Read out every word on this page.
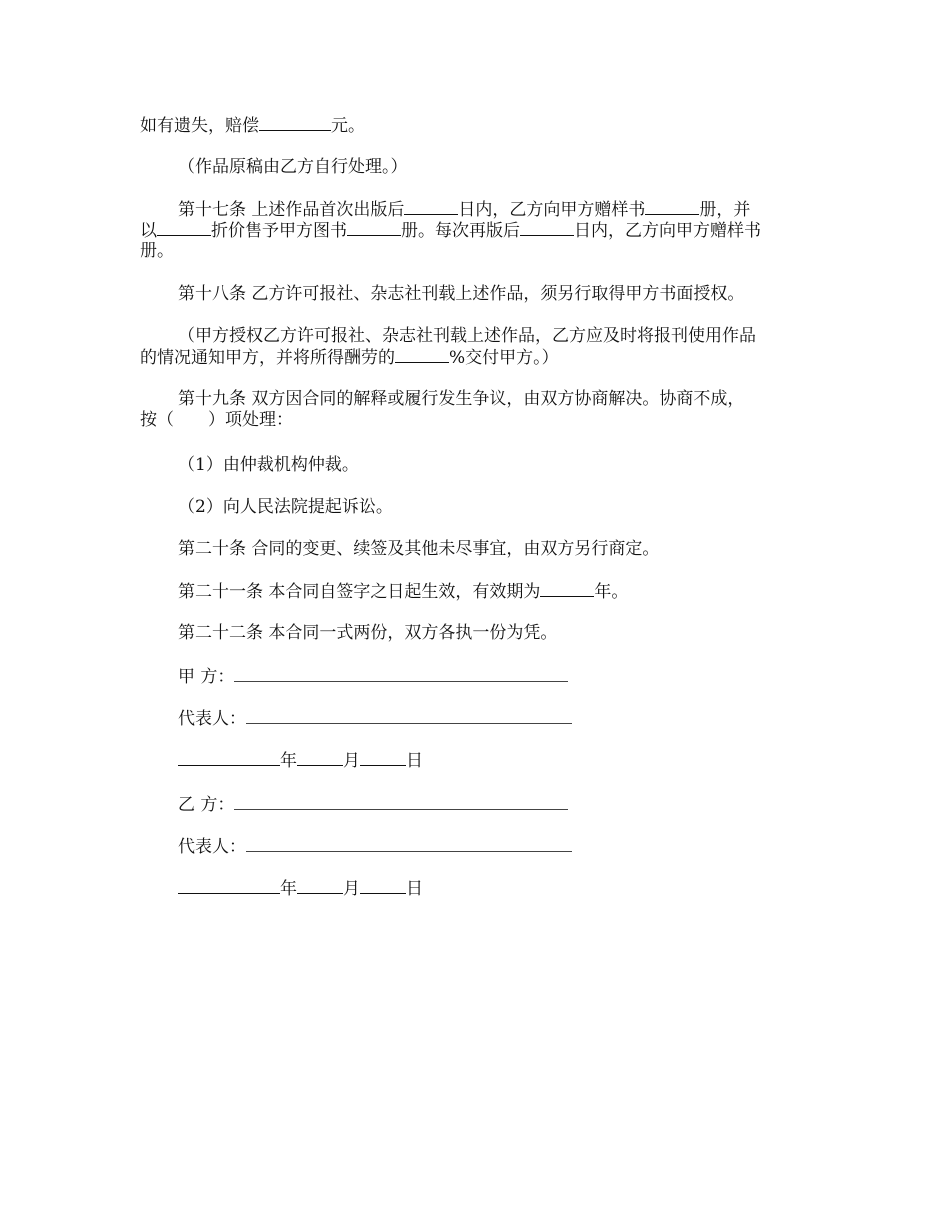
如有遗失，赔偿	元。
（作品原稿由乙方自行处理。）
第十七条 上述作品首次出版后	日内，乙方向甲方赠样书	册，并
以	折价售予甲方图书	册。每次再版后	日内，乙方向甲方赠样书
册。
第十八条 乙方许可报社、杂志社刊载上述作品，须另行取得甲方书面授权。
（甲方授权乙方许可报社、杂志社刊载上述作品，乙方应及时将报刊使用作品
的情况通知甲方，并将所得酬劳的	%交付甲方。）
第十九条 双方因合同的解释或履行发生争议，由双方协商解决。协商不成，
按（　　）项处理：
（1）由仲裁机构仲裁。
（2）向人民法院提起诉讼。
第二十条 合同的变更、续签及其他未尽事宜，由双方另行商定。
第二十一条 本合同自签字之日起生效，有效期为	年。
第二十二条 本合同一式两份，双方各执一份为凭。
甲 方：
代表人：
年	月	日
乙 方：
代表人：
年	月	日
